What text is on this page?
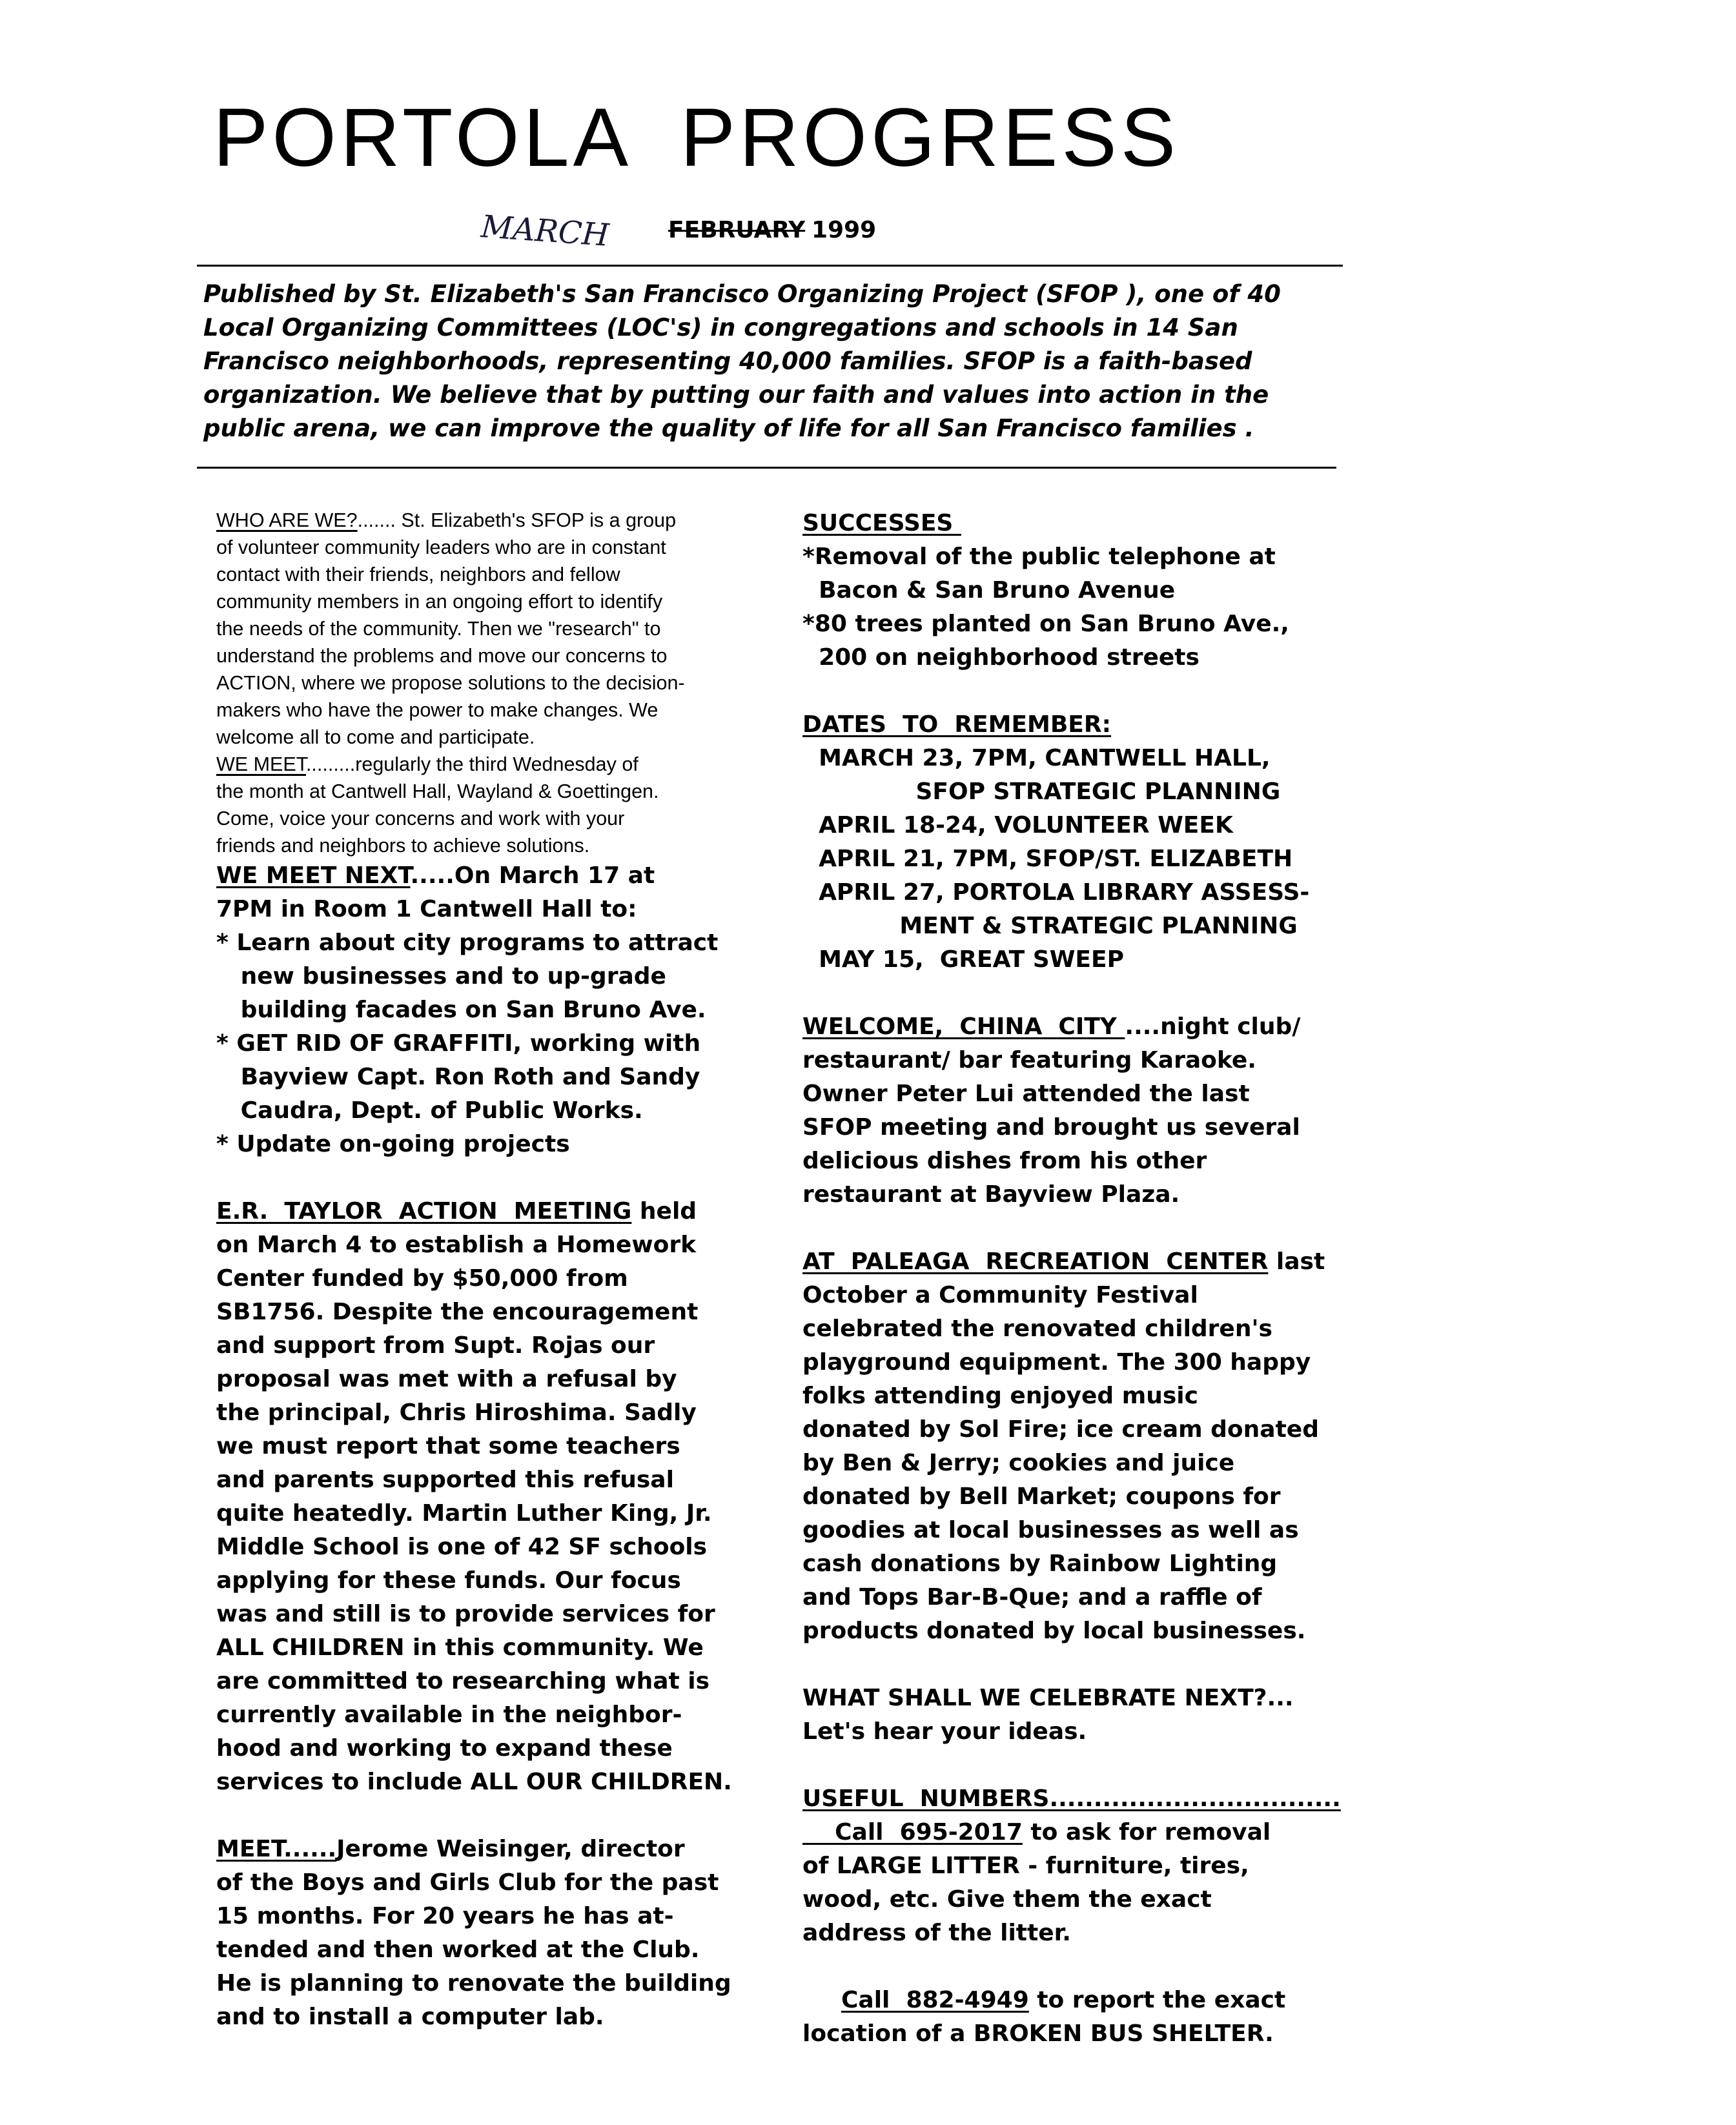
PORTOLA PROGRESS
MARCH FEBRUARY 1999

Published by St. Elizabeth's San Francisco Organizing Project (SFOP ), one of 40

Local Organizing Committees (LOC's) in congregations and schools in 14 San

Francisco neighborhoods, representing 40,000 families. SFOP is a faith-based

organization. We believe that by putting our faith and values into action in the

public arena, we can improve the quality of life for all San Francisco families .

WHO ARE WE?....... St. Elizabeth's SFOP is a group

of volunteer community leaders who are in constant

contact with their friends, neighbors and fellow

community members in an ongoing effort to identify

the needs of the community. Then we "research" to

understand the problems and move our concerns to

ACTION, where we propose solutions to the decision-

makers who have the power to make changes. We

welcome all to come and participate.

WE MEET.........regularly the third Wednesday of

the month at Cantwell Hall, Wayland & Goettingen.

Come, voice your concerns and work with your

friends and neighbors to achieve solutions.

WE MEET NEXT.....On March 17 at

7PM in Room 1 Cantwell Hall to:

* Learn about city programs to attract

new businesses and to up-grade

building facades on San Bruno Ave.

* GET RID OF GRAFFITI, working with

Bayview Capt. Ron Roth and Sandy

Caudra, Dept. of Public Works.

* Update on-going projects

E.R.  TAYLOR  ACTION  MEETING held

on March 4 to establish a Homework

Center funded by $50,000 from

SB1756. Despite the encouragement

and support from Supt. Rojas our

proposal was met with a refusal by

the principal, Chris Hiroshima. Sadly

we must report that some teachers

and parents supported this refusal

quite heatedly. Martin Luther King, Jr.

Middle School is one of 42 SF schools

applying for these funds. Our focus

was and still is to provide services for

ALL CHILDREN in this community. We

are committed to researching what is

currently available in the neighbor-

hood and working to expand these

services to include ALL OUR CHILDREN.

MEET......Jerome Weisinger, director

of the Boys and Girls Club for the past

15 months. For 20 years he has at-

tended and then worked at the Club.

He is planning to renovate the building

and to install a computer lab.

SUCCESSES

*Removal of the public telephone at

Bacon & San Bruno Avenue

*80 trees planted on San Bruno Ave.,

200 on neighborhood streets

DATES  TO  REMEMBER:

MARCH 23, 7PM, CANTWELL HALL,

SFOP STRATEGIC PLANNING

APRIL 18-24, VOLUNTEER WEEK

APRIL 21, 7PM, SFOP/ST. ELIZABETH

APRIL 27, PORTOLA LIBRARY ASSESS-

MENT & STRATEGIC PLANNING

MAY 15,  GREAT SWEEP

WELCOME,  CHINA  CITY ....night club/

restaurant/ bar featuring Karaoke.

Owner Peter Lui attended the last

SFOP meeting and brought us several

delicious dishes from his other

restaurant at Bayview Plaza.

AT  PALEAGA  RECREATION  CENTER last

October a Community Festival

celebrated the renovated children's

playground equipment. The 300 happy

folks attending enjoyed music

donated by Sol Fire; ice cream donated

by Ben & Jerry; cookies and juice

donated by Bell Market; coupons for

goodies at local businesses as well as

cash donations by Rainbow Lighting

and Tops Bar-B-Que; and a raffle of

products donated by local businesses.

WHAT SHALL WE CELEBRATE NEXT?...

Let's hear your ideas.

USEFUL  NUMBERS.................................
Call  695-2017 to ask for removal

of LARGE LITTER - furniture, tires,

wood, etc. Give them the exact

address of the litter.

Call  882-4949 to report the exact

location of a BROKEN BUS SHELTER.
